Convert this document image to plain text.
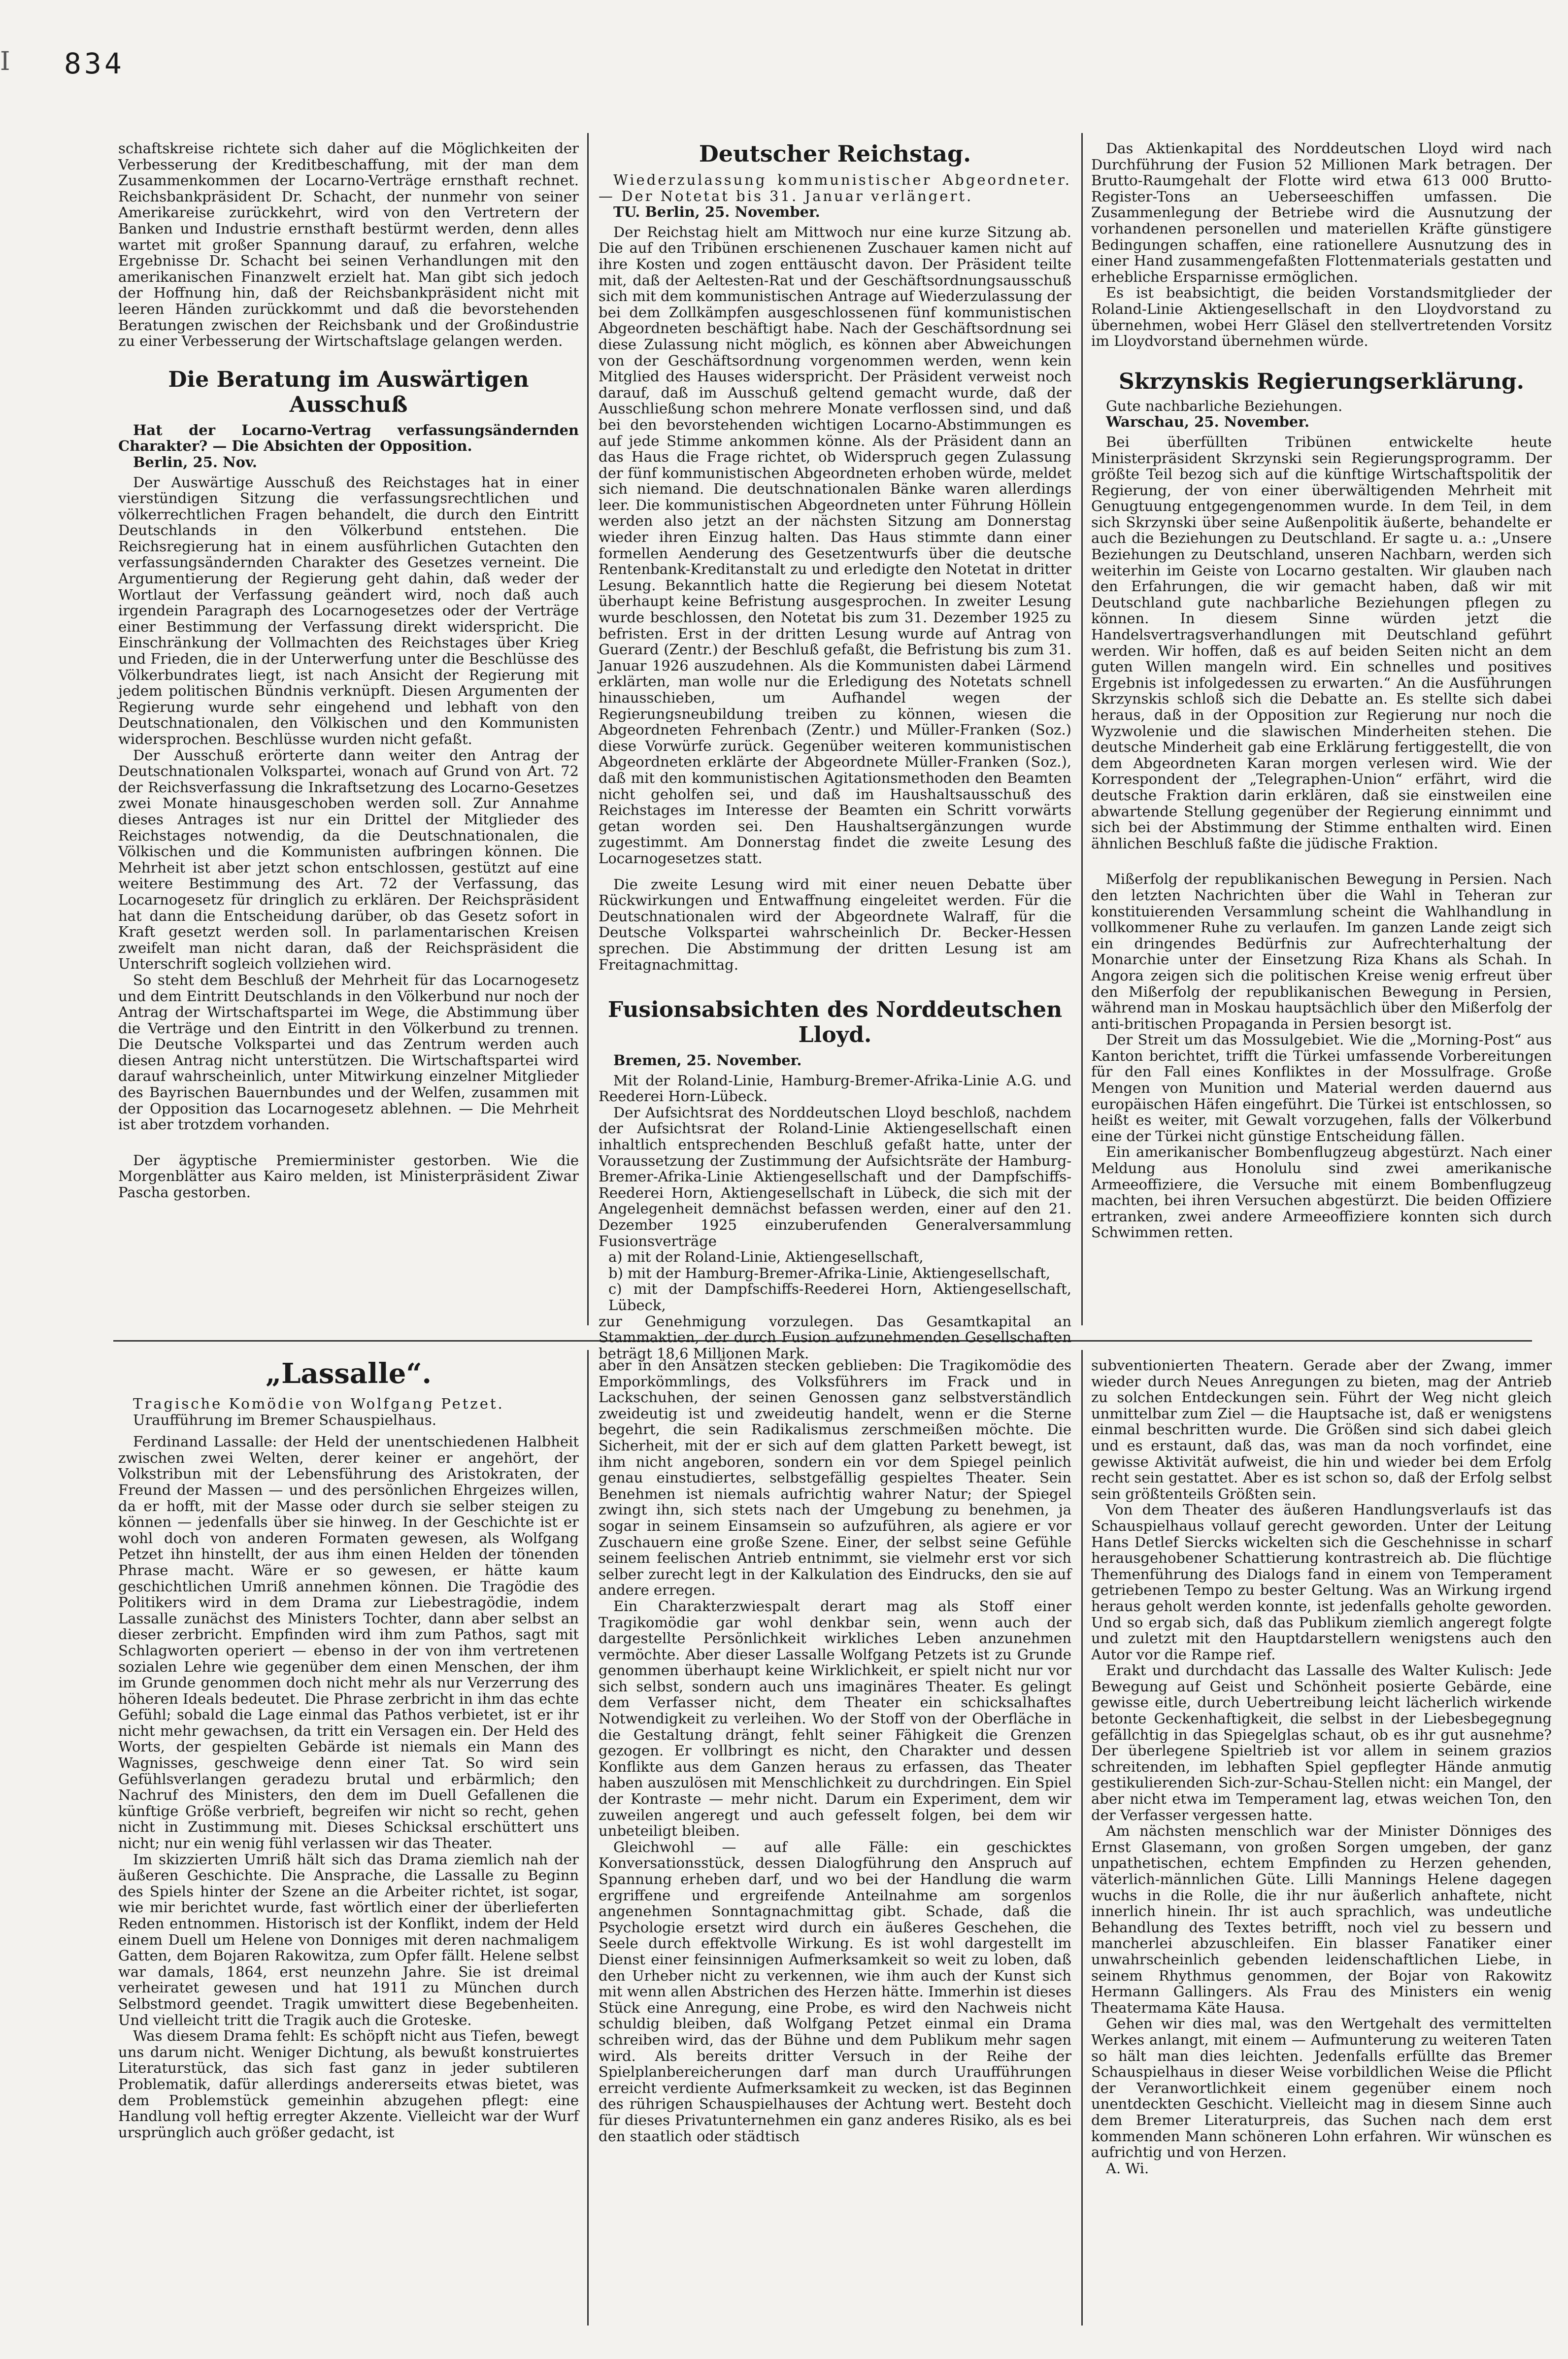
Ⅰ 834

schaftskreise richtete sich daher auf die Möglichkeiten der Verbesserung der Kreditbeschaffung, mit der man dem Zusammenkommen der Locarno-Verträge ernsthaft rechnet. Reichsbankpräsident Dr. Schacht, der nunmehr von seiner Amerikareise zurückkehrt, wird von den Vertretern der Banken und Industrie ernsthaft bestürmt werden, denn alles wartet mit großer Spannung darauf, zu erfahren, welche Ergebnisse Dr. Schacht bei seinen Verhandlungen mit den amerikanischen Finanzwelt erzielt hat. Man gibt sich jedoch der Hoffnung hin, daß der Reichsbankpräsident nicht mit leeren Händen zurückkommt und daß die bevorstehenden Beratungen zwischen der Reichsbank und der Großindustrie zu einer Verbesserung der Wirtschaftslage gelangen werden.

Die Beratung im Auswärtigen Ausschuß

Hat der Locarno-Vertrag verfassungsändernden Charakter? — Die Absichten der Opposition.

Berlin, 25. Nov.

Der Auswärtige Ausschuß des Reichstages hat in einer vierstündigen Sitzung die verfassungsrechtlichen und völkerrechtlichen Fragen behandelt, die durch den Eintritt Deutschlands in den Völkerbund entstehen. Die Reichsregierung hat in einem ausführlichen Gutachten den verfassungsändernden Charakter des Gesetzes verneint. Die Argumentierung der Regierung geht dahin, daß weder der Wortlaut der Verfassung geändert wird, noch daß auch irgendein Paragraph des Locarnogesetzes oder der Verträge einer Bestimmung der Verfassung direkt widerspricht. Die Einschränkung der Vollmachten des Reichstages über Krieg und Frieden, die in der Unterwerfung unter die Beschlüsse des Völkerbundrates liegt, ist nach Ansicht der Regierung mit jedem politischen Bündnis verknüpft. Diesen Argumenten der Regierung wurde sehr eingehend und lebhaft von den Deutschnationalen, den Völkischen und den Kommunisten widersprochen. Beschlüsse wurden nicht gefaßt.

Der Ausschuß erörterte dann weiter den Antrag der Deutschnationalen Volkspartei, wonach auf Grund von Art. 72 der Reichsverfassung die Inkraftsetzung des Locarno-Gesetzes zwei Monate hinausgeschoben werden soll. Zur Annahme dieses Antrages ist nur ein Drittel der Mitglieder des Reichstages notwendig, da die Deutschnationalen, die Völkischen und die Kommunisten aufbringen können. Die Mehrheit ist aber jetzt schon entschlossen, gestützt auf eine weitere Bestimmung des Art. 72 der Verfassung, das Locarnogesetz für dringlich zu erklären. Der Reichspräsident hat dann die Entscheidung darüber, ob das Gesetz sofort in Kraft gesetzt werden soll. In parlamentarischen Kreisen zweifelt man nicht daran, daß der Reichspräsident die Unterschrift sogleich vollziehen wird.

So steht dem Beschluß der Mehrheit für das Locarnogesetz und dem Eintritt Deutschlands in den Völkerbund nur noch der Antrag der Wirtschaftspartei im Wege, die Abstimmung über die Verträge und den Eintritt in den Völkerbund zu trennen. Die Deutsche Volkspartei und das Zentrum werden auch diesen Antrag nicht unterstützen. Die Wirtschaftspartei wird darauf wahrscheinlich, unter Mitwirkung einzelner Mitglieder des Bayrischen Bauernbundes und der Welfen, zusammen mit der Opposition das Locarnogesetz ablehnen. — Die Mehrheit ist aber trotzdem vorhanden.

Der ägyptische Premierminister gestorben. Wie die Morgenblätter aus Kairo melden, ist Ministerpräsident Ziwar Pascha gestorben.

Deutscher Reichstag.

Wiederzulassung kommunistischer Abgeordneter. — Der Notetat bis 31. Januar verlängert.

TU. Berlin, 25. November.

Der Reichstag hielt am Mittwoch nur eine kurze Sitzung ab. Die auf den Tribünen erschienenen Zuschauer kamen nicht auf ihre Kosten und zogen enttäuscht davon. Der Präsident teilte mit, daß der Aeltesten-Rat und der Geschäftsordnungsausschuß sich mit dem kommunistischen Antrage auf Wiederzulassung der bei dem Zollkämpfen ausgeschlossenen fünf kommunistischen Abgeordneten beschäftigt habe. Nach der Geschäftsordnung sei diese Zulassung nicht möglich, es können aber Abweichungen von der Geschäftsordnung vorgenommen werden, wenn kein Mitglied des Hauses widerspricht. Der Präsident verweist noch darauf, daß im Ausschuß geltend gemacht wurde, daß der Ausschließung schon mehrere Monate verflossen sind, und daß bei den bevorstehenden wichtigen Locarno-Abstimmungen es auf jede Stimme ankommen könne. Als der Präsident dann an das Haus die Frage richtet, ob Widerspruch gegen Zulassung der fünf kommunistischen Abgeordneten erhoben würde, meldet sich niemand. Die deutschnationalen Bänke waren allerdings leer. Die kommunistischen Abgeordneten unter Führung Höllein werden also jetzt an der nächsten Sitzung am Donnerstag wieder ihren Einzug halten. Das Haus stimmte dann einer formellen Aenderung des Gesetzentwurfs über die deutsche Rentenbank-Kreditanstalt zu und erledigte den Notetat in dritter Lesung. Bekanntlich hatte die Regierung bei diesem Notetat überhaupt keine Befristung ausgesprochen. In zweiter Lesung wurde beschlossen, den Notetat bis zum 31. Dezember 1925 zu befristen. Erst in der dritten Lesung wurde auf Antrag von Guerard (Zentr.) der Beschluß gefaßt, die Befristung bis zum 31. Januar 1926 auszudehnen. Als die Kommunisten dabei Lärmend erklärten, man wolle nur die Erledigung des Notetats schnell hinausschieben, um Aufhandel wegen der Regierungsneubildung treiben zu können, wiesen die Abgeordneten Fehrenbach (Zentr.) und Müller-Franken (Soz.) diese Vorwürfe zurück. Gegenüber weiteren kommunistischen Abgeordneten erklärte der Abgeordnete Müller-Franken (Soz.), daß mit den kommunistischen Agitationsmethoden den Beamten nicht geholfen sei, und daß im Haushaltsausschuß des Reichstages im Interesse der Beamten ein Schritt vorwärts getan worden sei. Den Haushaltsergänzungen wurde zugestimmt. Am Donnerstag findet die zweite Lesung des Locarnogesetzes statt.

Die zweite Lesung wird mit einer neuen Debatte über Rückwirkungen und Entwaffnung eingeleitet werden. Für die Deutschnationalen wird der Abgeordnete Walraff, für die Deutsche Volkspartei wahrscheinlich Dr. Becker-Hessen sprechen. Die Abstimmung der dritten Lesung ist am Freitagnachmittag.

Fusionsabsichten des Norddeutschen Lloyd.

Bremen, 25. November.

Mit der Roland-Linie, Hamburg-Bremer-Afrika-Linie A.G. und Reederei Horn-Lübeck.

Der Aufsichtsrat des Norddeutschen Lloyd beschloß, nachdem der Aufsichtsrat der Roland-Linie Aktiengesellschaft einen inhaltlich entsprechenden Beschluß gefaßt hatte, unter der Voraussetzung der Zustimmung der Aufsichtsräte der Hamburg-Bremer-Afrika-Linie Aktiengesellschaft und der Dampfschiffs-Reederei Horn, Aktiengesellschaft in Lübeck, die sich mit der Angelegenheit demnächst befassen werden, einer auf den 21. Dezember 1925 einzuberufenden Generalversammlung Fusionsverträge

a) mit der Roland-Linie, Aktiengesellschaft,

b) mit der Hamburg-Bremer-Afrika-Linie, Aktiengesellschaft,

c) mit der Dampfschiffs-Reederei Horn, Aktiengesellschaft, Lübeck,

zur Genehmigung vorzulegen. Das Gesamtkapital an Stammaktien, der durch Fusion aufzunehmenden Gesellschaften beträgt 18,6 Millionen Mark.

Das Aktienkapital des Norddeutschen Lloyd wird nach Durchführung der Fusion 52 Millionen Mark betragen. Der Brutto-Raumgehalt der Flotte wird etwa 613 000 Brutto-Register-Tons an Ueberseeschiffen umfassen. Die Zusammenlegung der Betriebe wird die Ausnutzung der vorhandenen personellen und materiellen Kräfte günstigere Bedingungen schaffen, eine rationellere Ausnutzung des in einer Hand zusammengefaßten Flottenmaterials gestatten und erhebliche Ersparnisse ermöglichen.

Es ist beabsichtigt, die beiden Vorstandsmitglieder der Roland-Linie Aktiengesellschaft in den Lloydvorstand zu übernehmen, wobei Herr Gläsel den stellvertretenden Vorsitz im Lloydvorstand übernehmen würde.

Skrzynskis Regierungserklärung.

Gute nachbarliche Beziehungen.

Warschau, 25. November.

Bei überfüllten Tribünen entwickelte heute Ministerpräsident Skrzynski sein Regierungsprogramm. Der größte Teil bezog sich auf die künftige Wirtschaftspolitik der Regierung, der von einer überwältigenden Mehrheit mit Genugtuung entgegengenommen wurde. In dem Teil, in dem sich Skrzynski über seine Außenpolitik äußerte, behandelte er auch die Beziehungen zu Deutschland. Er sagte u. a.: „Unsere Beziehungen zu Deutschland, unseren Nachbarn, werden sich weiterhin im Geiste von Locarno gestalten. Wir glauben nach den Erfahrungen, die wir gemacht haben, daß wir mit Deutschland gute nachbarliche Beziehungen pflegen zu können. In diesem Sinne würden jetzt die Handelsvertragsverhandlungen mit Deutschland geführt werden. Wir hoffen, daß es auf beiden Seiten nicht an dem guten Willen mangeln wird. Ein schnelles und positives Ergebnis ist infolgedessen zu erwarten.“ An die Ausführungen Skrzynskis schloß sich die Debatte an. Es stellte sich dabei heraus, daß in der Opposition zur Regierung nur noch die Wyzwolenie und die slawischen Minderheiten stehen. Die deutsche Minderheit gab eine Erklärung fertiggestellt, die von dem Abgeordneten Karan morgen verlesen wird. Wie der Korrespondent der „Telegraphen-Union“ erfährt, wird die deutsche Fraktion darin erklären, daß sie einstweilen eine abwartende Stellung gegenüber der Regierung einnimmt und sich bei der Abstimmung der Stimme enthalten wird. Einen ähnlichen Beschluß faßte die jüdische Fraktion.

Mißerfolg der republikanischen Bewegung in Persien. Nach den letzten Nachrichten über die Wahl in Teheran zur konstituierenden Versammlung scheint die Wahlhandlung in vollkommener Ruhe zu verlaufen. Im ganzen Lande zeigt sich ein dringendes Bedürfnis zur Aufrechterhaltung der Monarchie unter der Einsetzung Riza Khans als Schah. In Angora zeigen sich die politischen Kreise wenig erfreut über den Mißerfolg der republikanischen Bewegung in Persien, während man in Moskau hauptsächlich über den Mißerfolg der anti-britischen Propaganda in Persien besorgt ist.

Der Streit um das Mossulgebiet. Wie die „Morning-Post“ aus Kanton berichtet, trifft die Türkei umfassende Vorbereitungen für den Fall eines Konfliktes in der Mossulfrage. Große Mengen von Munition und Material werden dauernd aus europäischen Häfen eingeführt. Die Türkei ist entschlossen, so heißt es weiter, mit Gewalt vorzugehen, falls der Völkerbund eine der Türkei nicht günstige Entscheidung fällen.

Ein amerikanischer Bombenflugzeug abgestürzt. Nach einer Meldung aus Honolulu sind zwei amerikanische Armeeoffiziere, die Versuche mit einem Bombenflugzeug machten, bei ihren Versuchen abgestürzt. Die beiden Offiziere ertranken, zwei andere Armeeoffiziere konnten sich durch Schwimmen retten.

„Lassalle“.

Tragische Komödie von Wolfgang Petzet.

Uraufführung im Bremer Schauspielhaus.

Ferdinand Lassalle: der Held der unentschiedenen Halbheit zwischen zwei Welten, derer keiner er angehört, der Volkstribun mit der Lebensführung des Aristokraten, der Freund der Massen — und des persönlichen Ehrgeizes willen, da er hofft, mit der Masse oder durch sie selber steigen zu können — jedenfalls über sie hinweg. In der Geschichte ist er wohl doch von anderen Formaten gewesen, als Wolfgang Petzet ihn hinstellt, der aus ihm einen Helden der tönenden Phrase macht. Wäre er so gewesen, er hätte kaum geschichtlichen Umriß annehmen können. Die Tragödie des Politikers wird in dem Drama zur Liebestragödie, indem Lassalle zunächst des Ministers Tochter, dann aber selbst an dieser zerbricht. Empfinden wird ihm zum Pathos, sagt mit Schlagworten operiert — ebenso in der von ihm vertretenen sozialen Lehre wie gegenüber dem einen Menschen, der ihm im Grunde genommen doch nicht mehr als nur Verzerrung des höheren Ideals bedeutet. Die Phrase zerbricht in ihm das echte Gefühl; sobald die Lage einmal das Pathos verbietet, ist er ihr nicht mehr gewachsen, da tritt ein Versagen ein. Der Held des Worts, der gespielten Gebärde ist niemals ein Mann des Wagnisses, geschweige denn einer Tat. So wird sein Gefühlsverlangen geradezu brutal und erbärmlich; den Nachruf des Ministers, den dem im Duell Gefallenen die künftige Größe verbrieft, begreifen wir nicht so recht, gehen nicht in Zustimmung mit. Dieses Schicksal erschüttert uns nicht; nur ein wenig fühl verlassen wir das Theater.

Im skizzierten Umriß hält sich das Drama ziemlich nah der äußeren Geschichte. Die Ansprache, die Lassalle zu Beginn des Spiels hinter der Szene an die Arbeiter richtet, ist sogar, wie mir berichtet wurde, fast wörtlich einer der überlieferten Reden entnommen. Historisch ist der Konflikt, indem der Held einem Duell um Helene von Donniges mit deren nachmaligem Gatten, dem Bojaren Rakowitza, zum Opfer fällt. Helene selbst war damals, 1864, erst neunzehn Jahre. Sie ist dreimal verheiratet gewesen und hat 1911 zu München durch Selbstmord geendet. Tragik umwittert diese Begebenheiten. Und vielleicht tritt die Tragik auch die Groteske.

Was diesem Drama fehlt: Es schöpft nicht aus Tiefen, bewegt uns darum nicht. Weniger Dichtung, als bewußt konstruiertes Literaturstück, das sich fast ganz in jeder subtileren Problematik, dafür allerdings andererseits etwas bietet, was dem Problemstück gemeinhin abzugehen pflegt: eine Handlung voll heftig erregter Akzente. Vielleicht war der Wurf ursprünglich auch größer gedacht, ist

aber in den Ansätzen stecken geblieben: Die Tragikomödie des Emporkömmlings, des Volksführers im Frack und in Lackschuhen, der seinen Genossen ganz selbstverständlich zweideutig ist und zweideutig handelt, wenn er die Sterne begehrt, die sein Radikalismus zerschmeißen möchte. Die Sicherheit, mit der er sich auf dem glatten Parkett bewegt, ist ihm nicht angeboren, sondern ein vor dem Spiegel peinlich genau einstudiertes, selbstgefällig gespieltes Theater. Sein Benehmen ist niemals aufrichtig wahrer Natur; der Spiegel zwingt ihn, sich stets nach der Umgebung zu benehmen, ja sogar in seinem Einsamsein so aufzuführen, als agiere er vor Zuschauern eine große Szene. Einer, der selbst seine Gefühle seinem feelischen Antrieb entnimmt, sie vielmehr erst vor sich selber zurecht legt in der Kalkulation des Eindrucks, den sie auf andere erregen.

Ein Charakterzwiespalt derart mag als Stoff einer Tragikomödie gar wohl denkbar sein, wenn auch der dargestellte Persönlichkeit wirkliches Leben anzunehmen vermöchte. Aber dieser Lassalle Wolfgang Petzets ist zu Grunde genommen überhaupt keine Wirklichkeit, er spielt nicht nur vor sich selbst, sondern auch uns imaginäres Theater. Es gelingt dem Verfasser nicht, dem Theater ein schicksalhaftes Notwendigkeit zu verleihen. Wo der Stoff von der Oberfläche in die Gestaltung drängt, fehlt seiner Fähigkeit die Grenzen gezogen. Er vollbringt es nicht, den Charakter und dessen Konflikte aus dem Ganzen heraus zu erfassen, das Theater haben auszulösen mit Menschlichkeit zu durchdringen. Ein Spiel der Kontraste — mehr nicht. Darum ein Experiment, dem wir zuweilen angeregt und auch gefesselt folgen, bei dem wir unbeteiligt bleiben.

Gleichwohl — auf alle Fälle: ein geschicktes Konversationsstück, dessen Dialogführung den Anspruch auf Spannung erheben darf, und wo bei der Handlung die warm ergriffene und ergreifende Anteilnahme am sorgenlos angenehmen Sonntagnachmittag gibt. Schade, daß die Psychologie ersetzt wird durch ein äußeres Geschehen, die Seele durch effektvolle Wirkung. Es ist wohl dargestellt im Dienst einer feinsinnigen Aufmerksamkeit so weit zu loben, daß den Urheber nicht zu verkennen, wie ihm auch der Kunst sich mit wenn allen Abstrichen des Herzen hätte. Immerhin ist dieses Stück eine Anregung, eine Probe, es wird den Nachweis nicht schuldig bleiben, daß Wolfgang Petzet einmal ein Drama schreiben wird, das der Bühne und dem Publikum mehr sagen wird. Als bereits dritter Versuch in der Reihe der Spielplanbereicherungen darf man durch Uraufführungen erreicht verdiente Aufmerksamkeit zu wecken, ist das Beginnen des rührigen Schauspielhauses der Achtung wert. Besteht doch für dieses Privatunternehmen ein ganz anderes Risiko, als es bei den staatlich oder städtisch

subventionierten Theatern. Gerade aber der Zwang, immer wieder durch Neues Anregungen zu bieten, mag der Antrieb zu solchen Entdeckungen sein. Führt der Weg nicht gleich unmittelbar zum Ziel — die Hauptsache ist, daß er wenigstens einmal beschritten wurde. Die Größen sind sich dabei gleich und es erstaunt, daß das, was man da noch vorfindet, eine gewisse Aktivität aufweist, die hin und wieder bei dem Erfolg recht sein gestattet. Aber es ist schon so, daß der Erfolg selbst sein größtenteils Größten sein.

Von dem Theater des äußeren Handlungsverlaufs ist das Schauspielhaus vollauf gerecht geworden. Unter der Leitung Hans Detlef Siercks wickelten sich die Geschehnisse in scharf herausgehobener Schattierung kontrastreich ab. Die flüchtige Themenführung des Dialogs fand in einem von Temperament getriebenen Tempo zu bester Geltung. Was an Wirkung irgend heraus geholt werden konnte, ist jedenfalls geholte geworden. Und so ergab sich, daß das Publikum ziemlich angeregt folgte und zuletzt mit den Hauptdarstellern wenigstens auch den Autor vor die Rampe rief.

Erakt und durchdacht das Lassalle des Walter Kulisch: Jede Bewegung auf Geist und Schönheit posierte Gebärde, eine gewisse eitle, durch Uebertreibung leicht lächerlich wirkende betonte Geckenhaftigkeit, die selbst in der Liebesbegegnung gefällchtig in das Spiegelglas schaut, ob es ihr gut ausnehme? Der überlegene Spieltrieb ist vor allem in seinem grazios schreitenden, im lebhaften Spiel gepflegter Hände anmutig gestikulierenden Sich-zur-Schau-Stellen nicht: ein Mangel, der aber nicht etwa im Temperament lag, etwas weichen Ton, den der Verfasser vergessen hatte.

Am nächsten menschlich war der Minister Dönniges des Ernst Glasemann, von großen Sorgen umgeben, der ganz unpathetischen, echtem Empfinden zu Herzen gehenden, väterlich-männlichen Güte. Lilli Mannings Helene dagegen wuchs in die Rolle, die ihr nur äußerlich anhaftete, nicht innerlich hinein. Ihr ist auch sprachlich, was undeutliche Behandlung des Textes betrifft, noch viel zu bessern und mancherlei abzuschleifen. Ein blasser Fanatiker einer unwahrscheinlich gebenden leidenschaftlichen Liebe, in seinem Rhythmus genommen, der Bojar von Rakowitz Hermann Gallingers. Als Frau des Ministers ein wenig Theatermama Käte Hausa.

Gehen wir dies mal, was den Wertgehalt des vermittelten Werkes anlangt, mit einem — Aufmunterung zu weiteren Taten so hält man dies leichten. Jedenfalls erfüllte das Bremer Schauspielhaus in dieser Weise vorbildlichen Weise die Pflicht der Veranwortlichkeit einem gegenüber einem noch unentdeckten Geschicht. Vielleicht mag in diesem Sinne auch dem Bremer Literaturpreis, das Suchen nach dem erst kommenden Mann schöneren Lohn erfahren. Wir wünschen es aufrichtig und von Herzen.

A. Wi.
